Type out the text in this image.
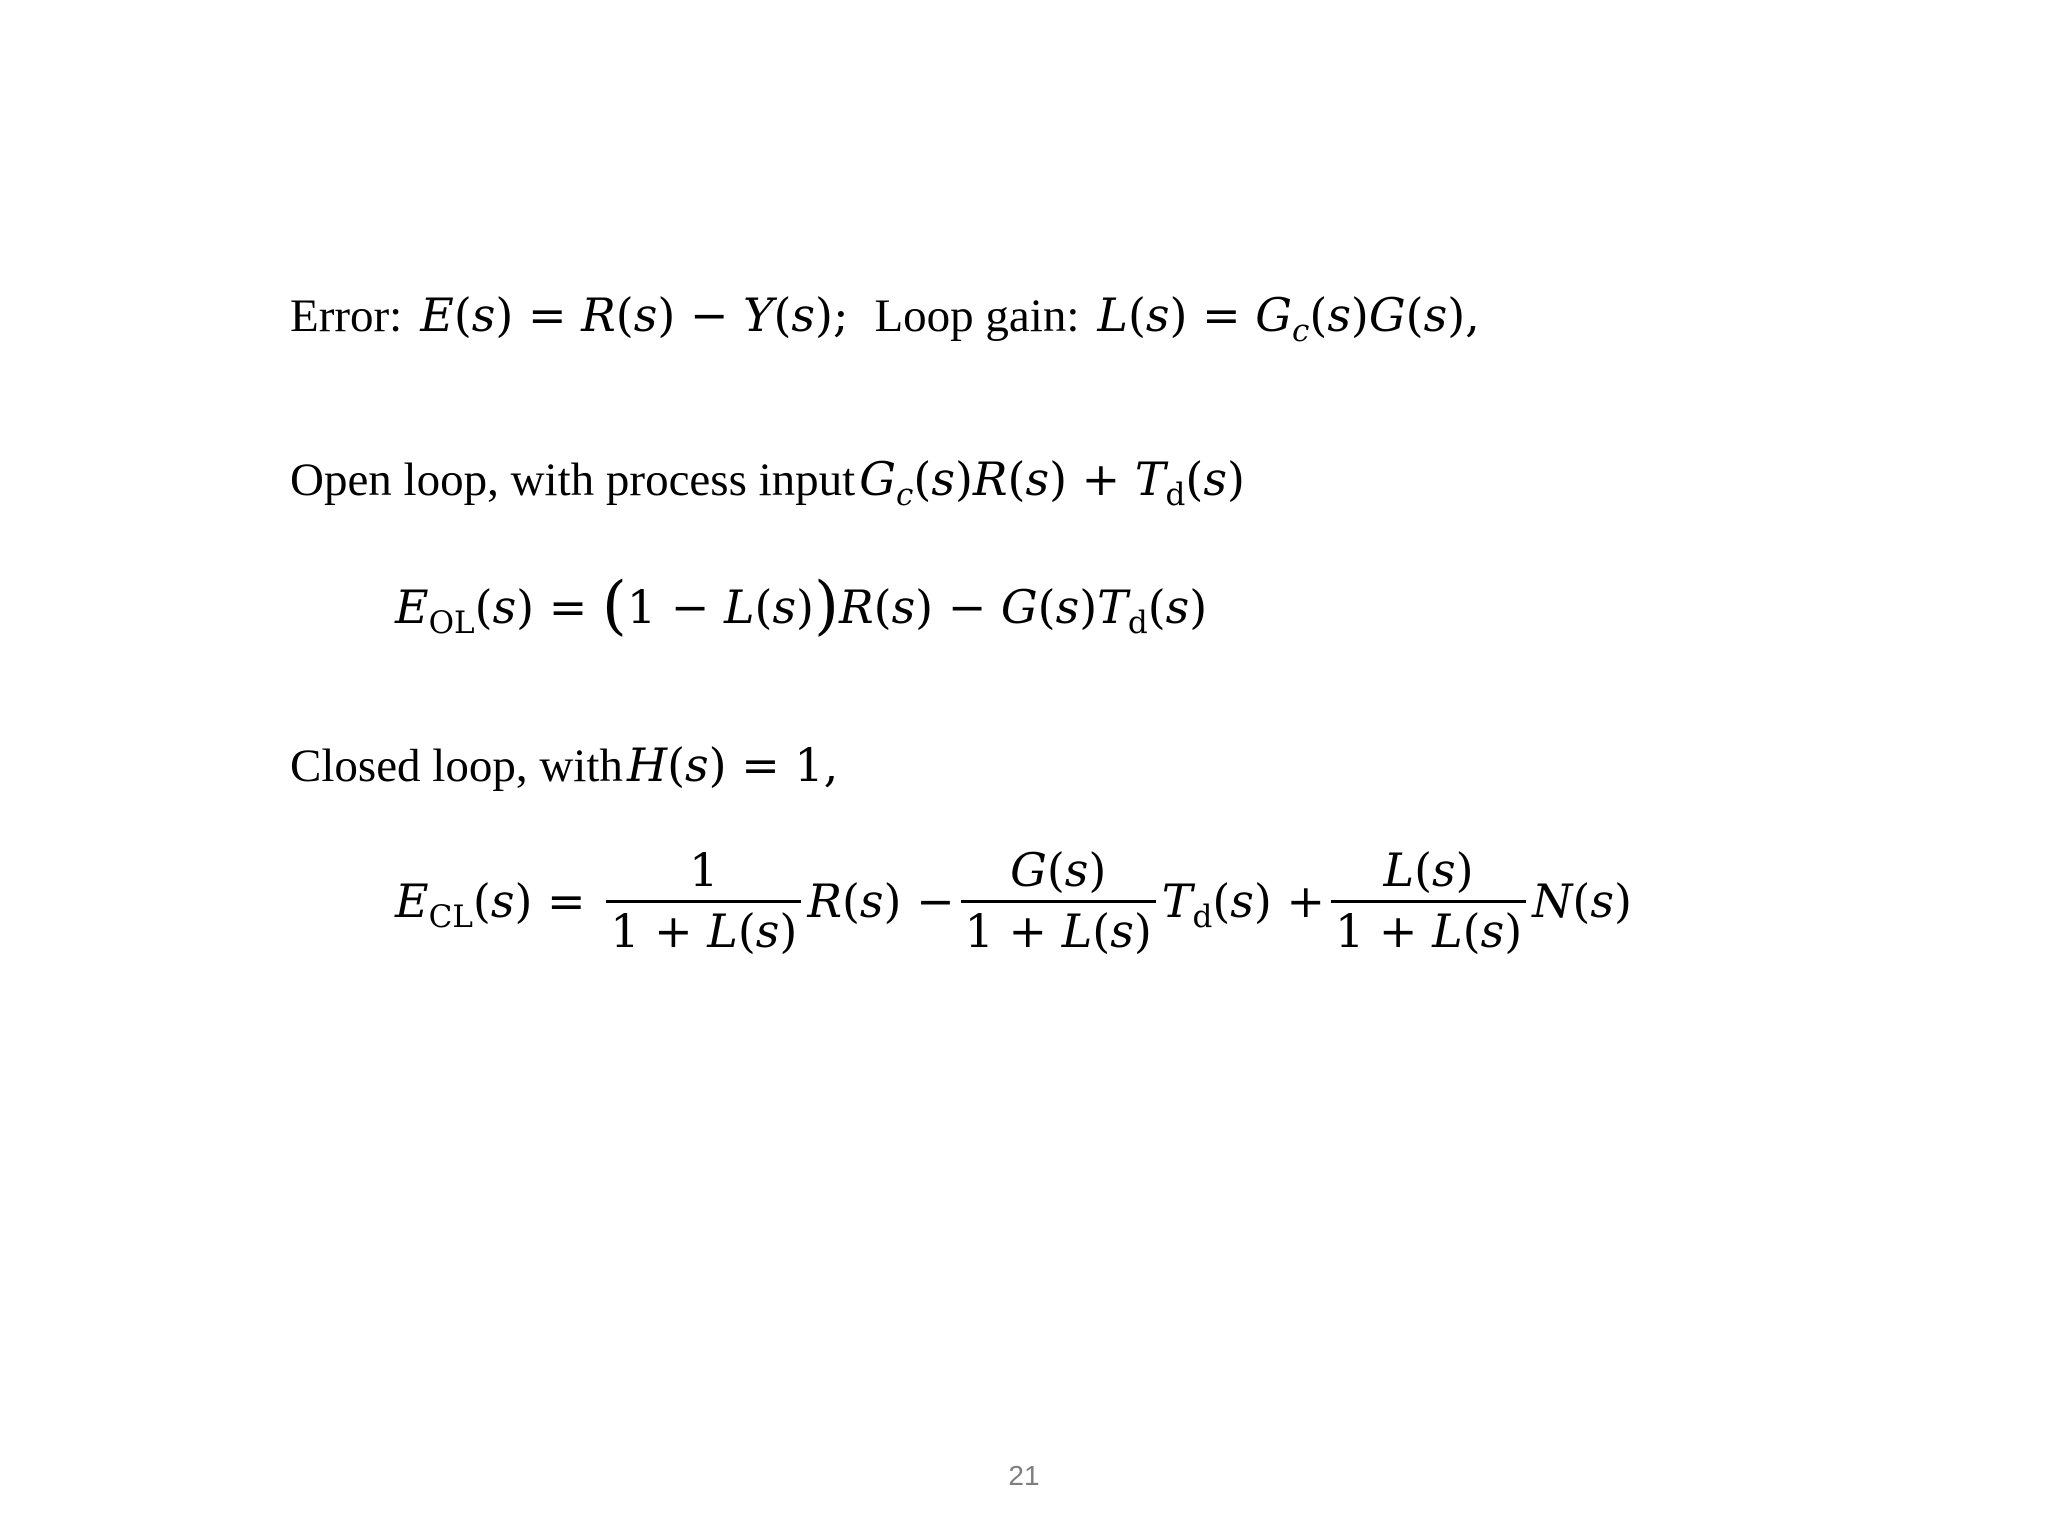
Error: E(s) = R(s) − Y(s); Loop gain: $L(s) = G_c(s)G(s)$,
Open loop, with process input $G_c(s)R(s) + T_d(s)$
$E_{OL}(s) = (1 - L(s))R(s) - G(s)T_d(s)$
Closed loop, with H(s) = 1,
$E_{CL}(s) = \frac{1}{1 + L(s)} R(s) - \frac{G(s)}{1 + L(s)} T_d(s) + \frac{L(s)}{1 + L(s)} N(s)$
21
